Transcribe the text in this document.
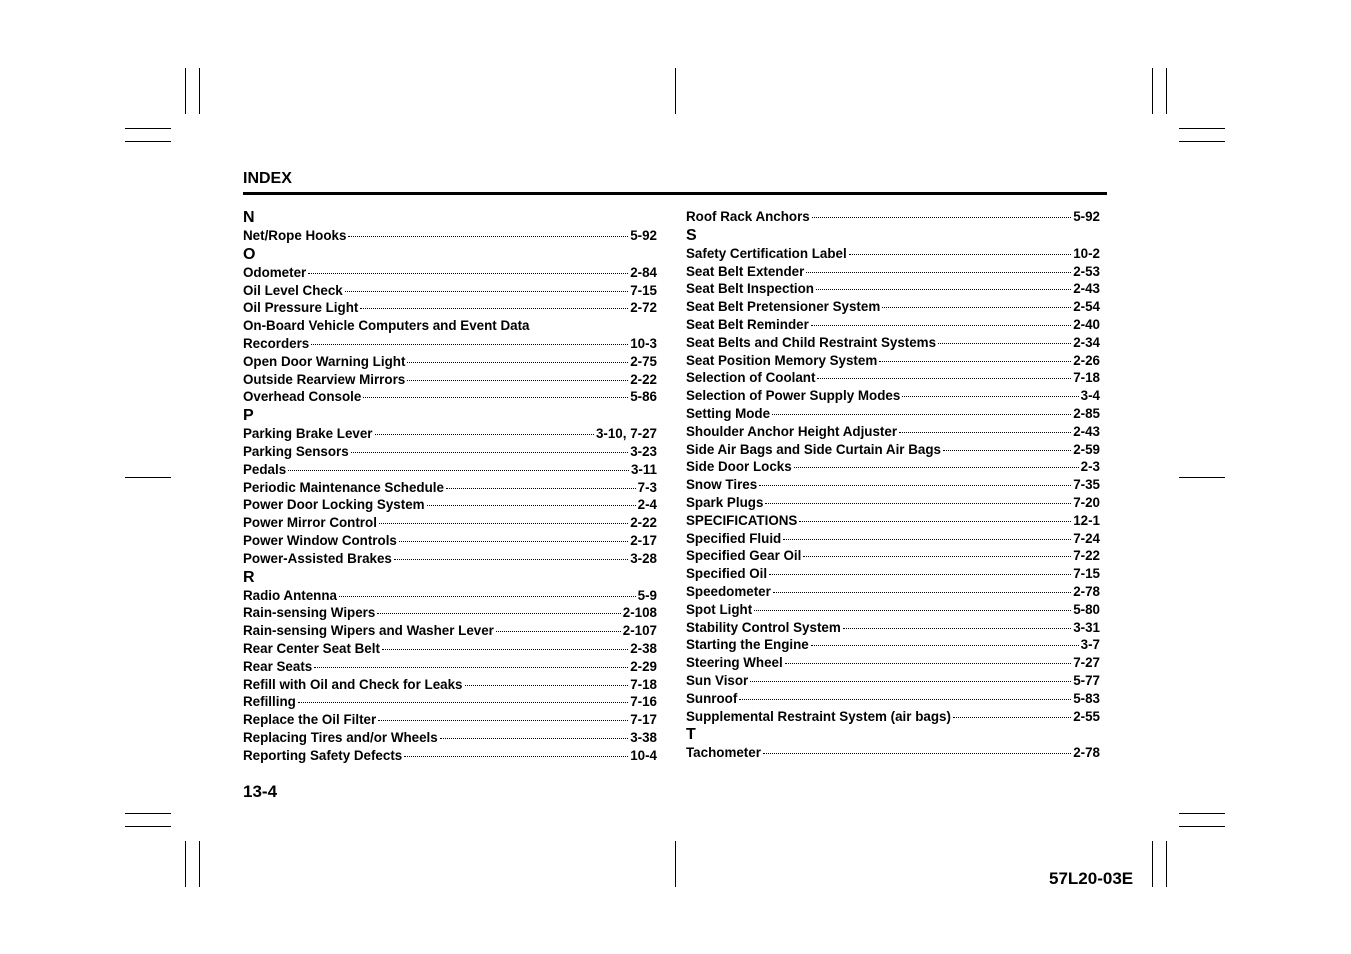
INDEX
N
Net/Rope Hooks	5-92
O
Odometer	2-84
Oil Level Check	7-15
Oil Pressure Light	2-72
On-Board Vehicle Computers and Event Data
Recorders	10-3
Open Door Warning Light	2-75
Outside Rearview Mirrors	2-22
Overhead Console	5-86
P
Parking Brake Lever	3-10, 7-27
Parking Sensors	3-23
Pedals	3-11
Periodic Maintenance Schedule	7-3
Power Door Locking System	2-4
Power Mirror Control	2-22
Power Window Controls	2-17
Power-Assisted Brakes	3-28
R
Radio Antenna	5-9
Rain-sensing Wipers	2-108
Rain-sensing Wipers and Washer Lever	2-107
Rear Center Seat Belt	2-38
Rear Seats	2-29
Refill with Oil and Check for Leaks	7-18
Refilling	7-16
Replace the Oil Filter	7-17
Replacing Tires and/or Wheels	3-38
Reporting Safety Defects	10-4
Roof Rack Anchors	5-92
S
Safety Certification Label	10-2
Seat Belt Extender	2-53
Seat Belt Inspection	2-43
Seat Belt Pretensioner System	2-54
Seat Belt Reminder	2-40
Seat Belts and Child Restraint Systems	2-34
Seat Position Memory System	2-26
Selection of Coolant	7-18
Selection of Power Supply Modes	3-4
Setting Mode	2-85
Shoulder Anchor Height Adjuster	2-43
Side Air Bags and Side Curtain Air Bags	2-59
Side Door Locks	2-3
Snow Tires	7-35
Spark Plugs	7-20
SPECIFICATIONS	12-1
Specified Fluid	7-24
Specified Gear Oil	7-22
Specified Oil	7-15
Speedometer	2-78
Spot Light	5-80
Stability Control System	3-31
Starting the Engine	3-7
Steering Wheel	7-27
Sun Visor	5-77
Sunroof	5-83
Supplemental Restraint System (air bags)	2-55
T
Tachometer	2-78
13-4
57L20-03E
